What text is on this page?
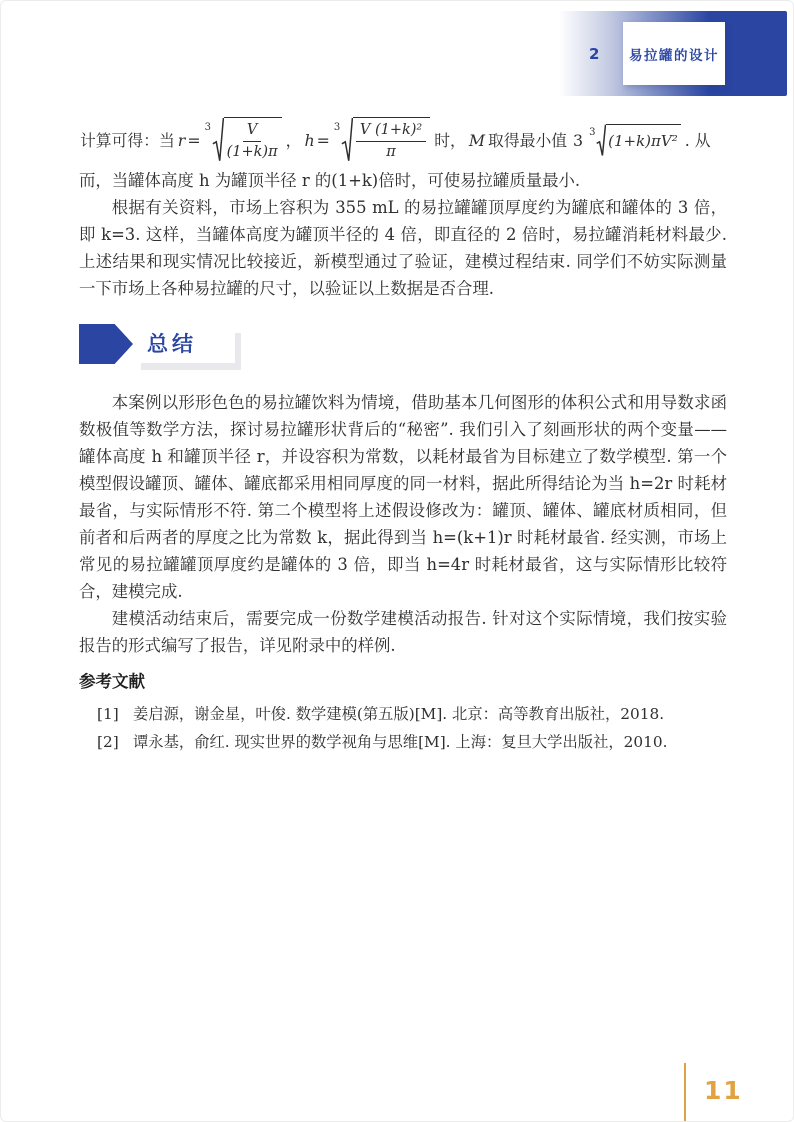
2 易拉罐的设计
计算可得：当 r =
$3 \frac{V}{(1+k)\pi}$ ， h =
$3 \frac{\text{V (1+k)²}}{\pi}$ 时， M 取得最小值 3 3 (1+k)πV² . 从

而，当罐体高度 h 为罐顶半径 r 的(1+k)倍时，可使易拉罐质量最小.

根据有关资料，市场上容积为 355 mL 的易拉罐罐顶厚度约为罐底和罐体的 3 倍，即 k=3. 这样，当罐体高度为罐顶半径的 4 倍，即直径的 2 倍时，易拉罐消耗材料最少. 上述结果和现实情况比较接近，新模型通过了验证，建模过程结束. 同学们不妨实际测量一下市场上各种易拉罐的尺寸，以验证以上数据是否合理.

总结

本案例以形形色色的易拉罐饮料为情境，借助基本几何图形的体积公式和用导数求函数极值等数学方法，探讨易拉罐形状背后的“秘密”. 我们引入了刻画形状的两个变量——罐体高度 h 和罐顶半径 r，并设容积为常数，以耗材最省为目标建立了数学模型. 第一个模型假设罐顶、罐体、罐底都采用相同厚度的同一材料，据此所得结论为当 h=2r 时耗材最省，与实际情形不符. 第二个模型将上述假设修改为：罐顶、罐体、罐底材质相同，但前者和后两者的厚度之比为常数 k，据此得到当 h=(k+1)r 时耗材最省. 经实测，市场上常见的易拉罐罐顶厚度约是罐体的 3 倍，即当 h=4r 时耗材最省，这与实际情形比较符合，建模完成.

建模活动结束后，需要完成一份数学建模活动报告. 针对这个实际情境，我们按实验报告的形式编写了报告，详见附录中的样例.

参考文献
[1] 姜启源，谢金星，叶俊. 数学建模(第五版)[M]. 北京：高等教育出版社，2018.
[2] 谭永基，俞红. 现实世界的数学视角与思维[M]. 上海：复旦大学出版社，2010.
11
